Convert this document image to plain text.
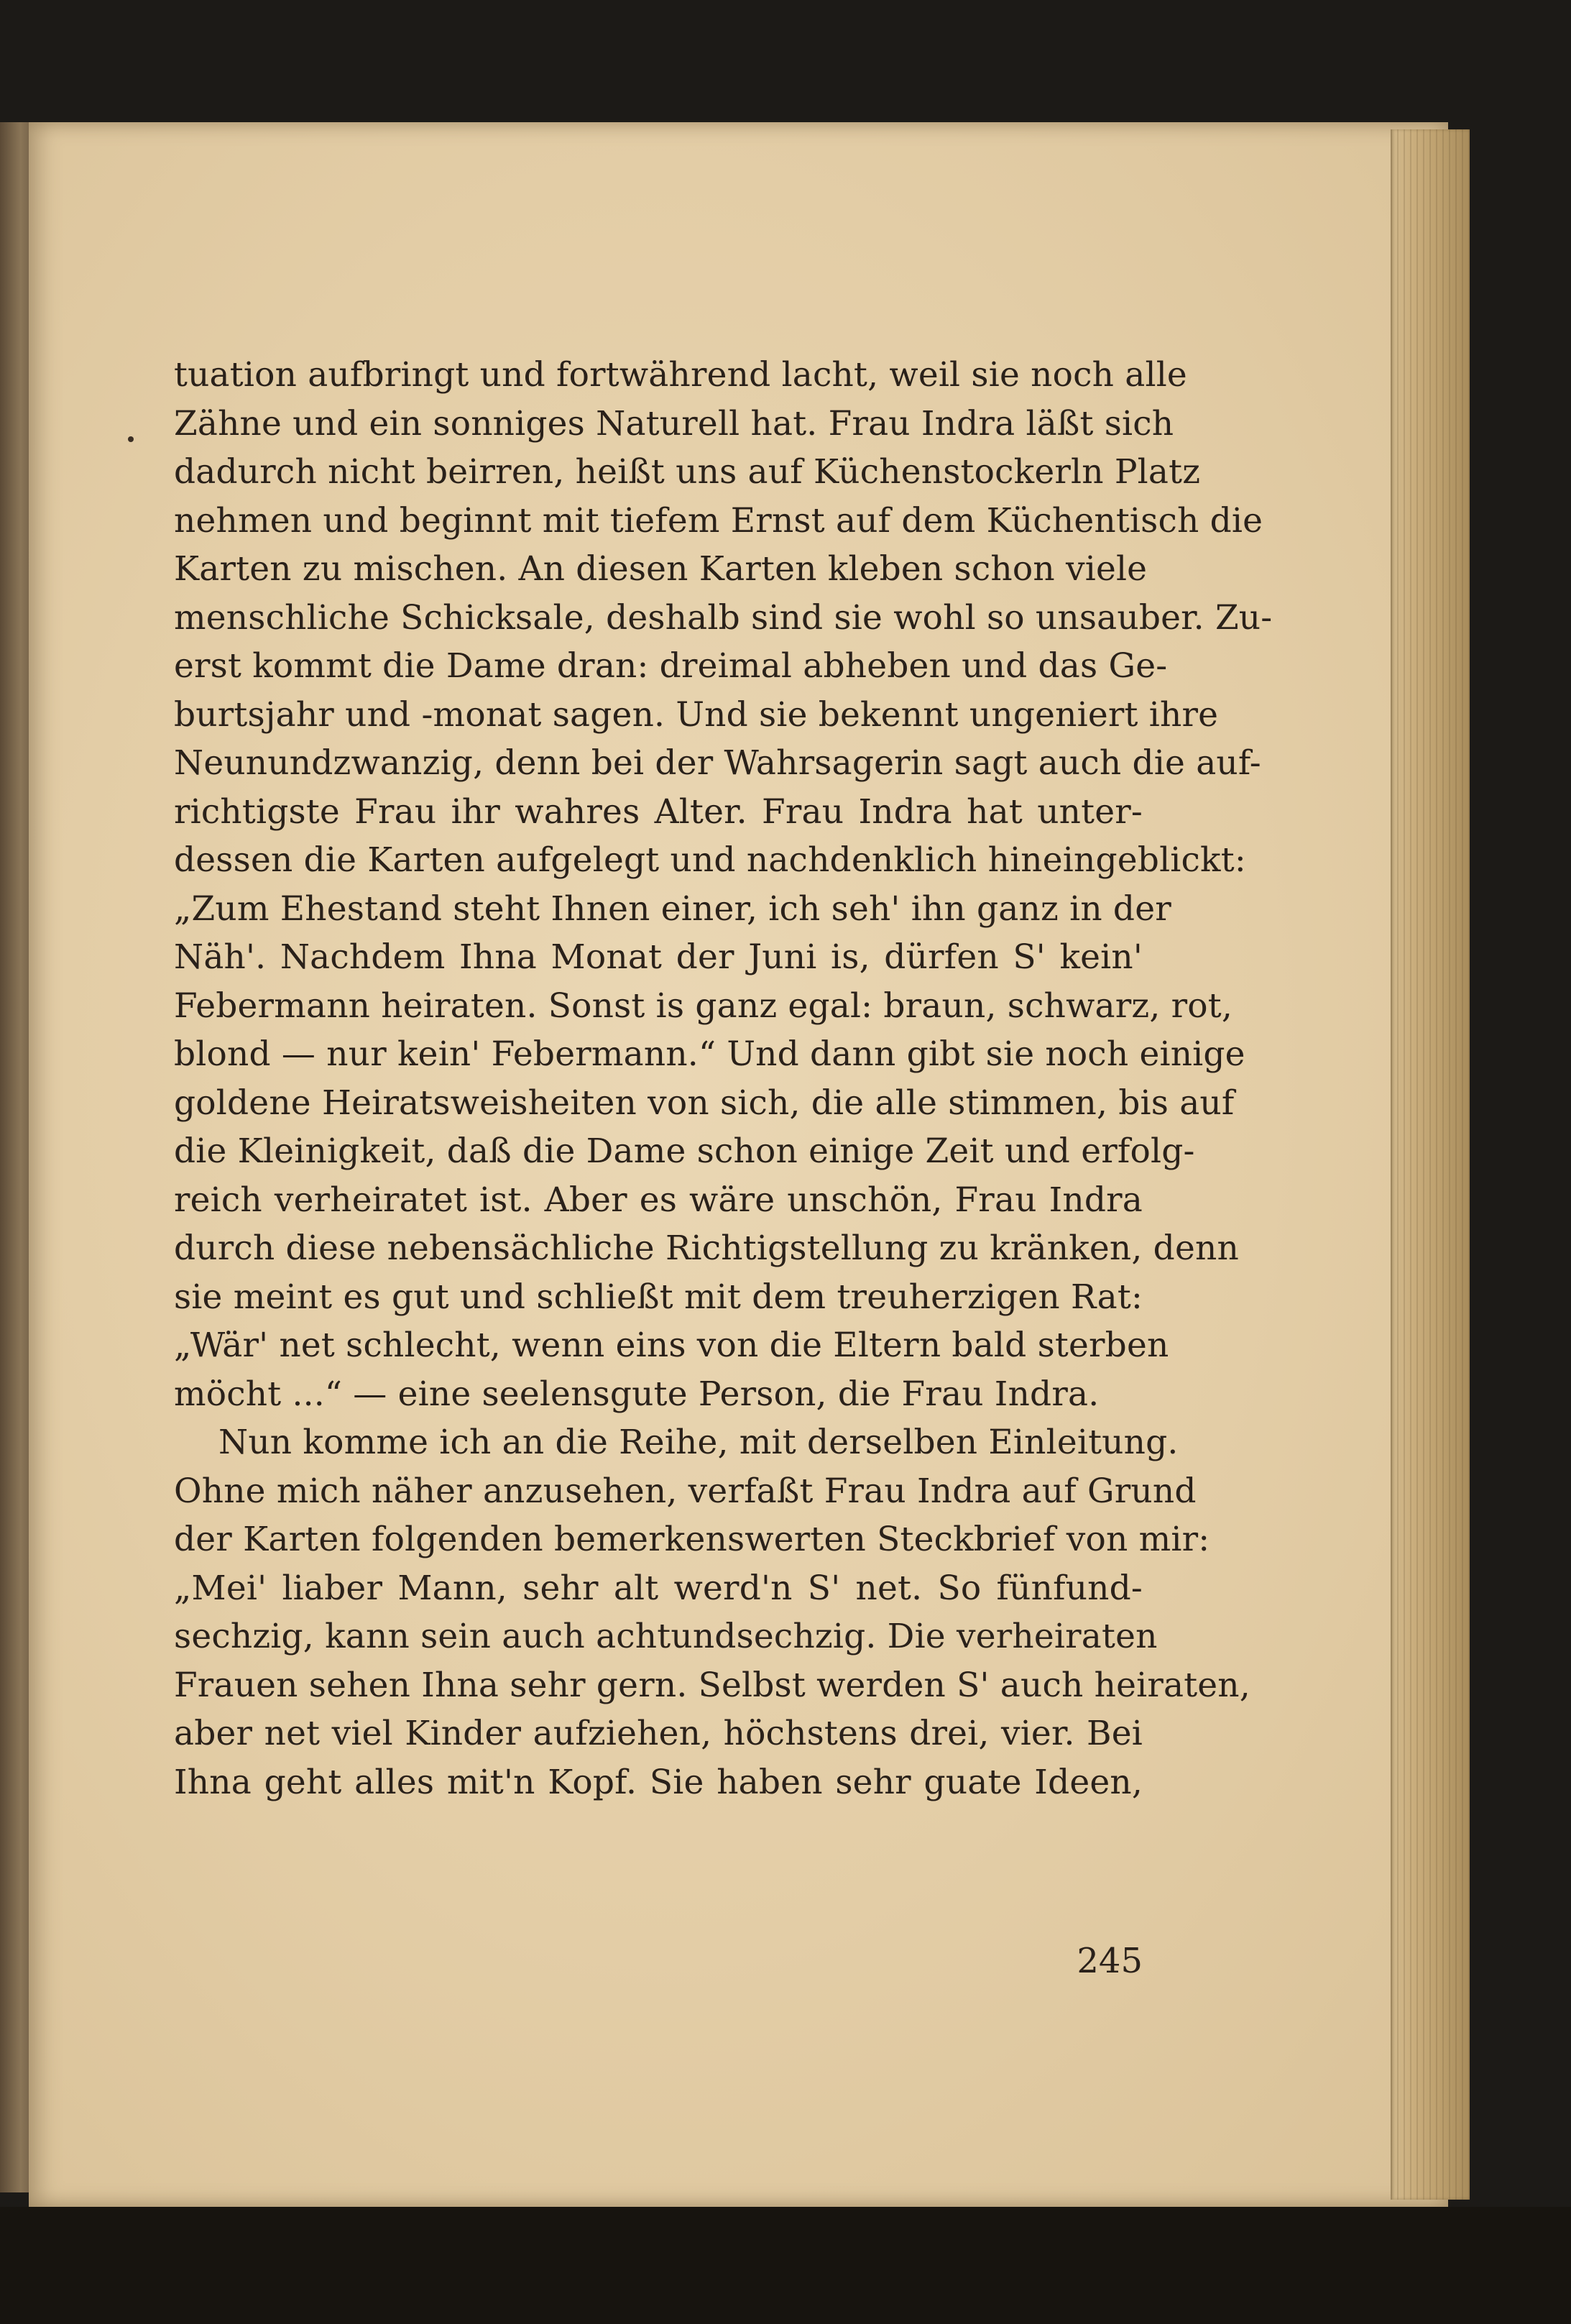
tuation aufbringt und fortwährend lacht, weil sie noch alle
Zähne und ein sonniges Naturell hat. Frau Indra läßt sich
dadurch nicht beirren, heißt uns auf Küchenstockerln Platz
nehmen und beginnt mit tiefem Ernst auf dem Küchentisch die
Karten zu mischen. An diesen Karten kleben schon viele
menschliche Schicksale, deshalb sind sie wohl so unsauber. Zu-
erst kommt die Dame dran: dreimal abheben und das Ge-
burtsjahr und -monat sagen. Und sie bekennt ungeniert ihre
Neunundzwanzig, denn bei der Wahrsagerin sagt auch die auf-
richtigste Frau ihr wahres Alter. Frau Indra hat unter-
dessen die Karten aufgelegt und nachdenklich hineingeblickt:
„Zum Ehestand steht Ihnen einer, ich seh' ihn ganz in der
Näh'. Nachdem Ihna Monat der Juni is, dürfen S' kein'
Febermann heiraten. Sonst is ganz egal: braun, schwarz, rot,
blond — nur kein' Febermann.“ Und dann gibt sie noch einige
goldene Heiratsweisheiten von sich, die alle stimmen, bis auf
die Kleinigkeit, daß die Dame schon einige Zeit und erfolg-
reich verheiratet ist. Aber es wäre unschön, Frau Indra
durch diese nebensächliche Richtigstellung zu kränken, denn
sie meint es gut und schließt mit dem treuherzigen Rat:
„Wär' net schlecht, wenn eins von die Eltern bald sterben
möcht ...“ — eine seelensgute Person, die Frau Indra.
Nun komme ich an die Reihe, mit derselben Einleitung.
Ohne mich näher anzusehen, verfaßt Frau Indra auf Grund
der Karten folgenden bemerkenswerten Steckbrief von mir:
„Mei' liaber Mann, sehr alt werd'n S' net. So fünfund-
sechzig, kann sein auch achtundsechzig. Die verheiraten
Frauen sehen Ihna sehr gern. Selbst werden S' auch heiraten,
aber net viel Kinder aufziehen, höchstens drei, vier. Bei
Ihna geht alles mit'n Kopf. Sie haben sehr guate Ideen,
245
